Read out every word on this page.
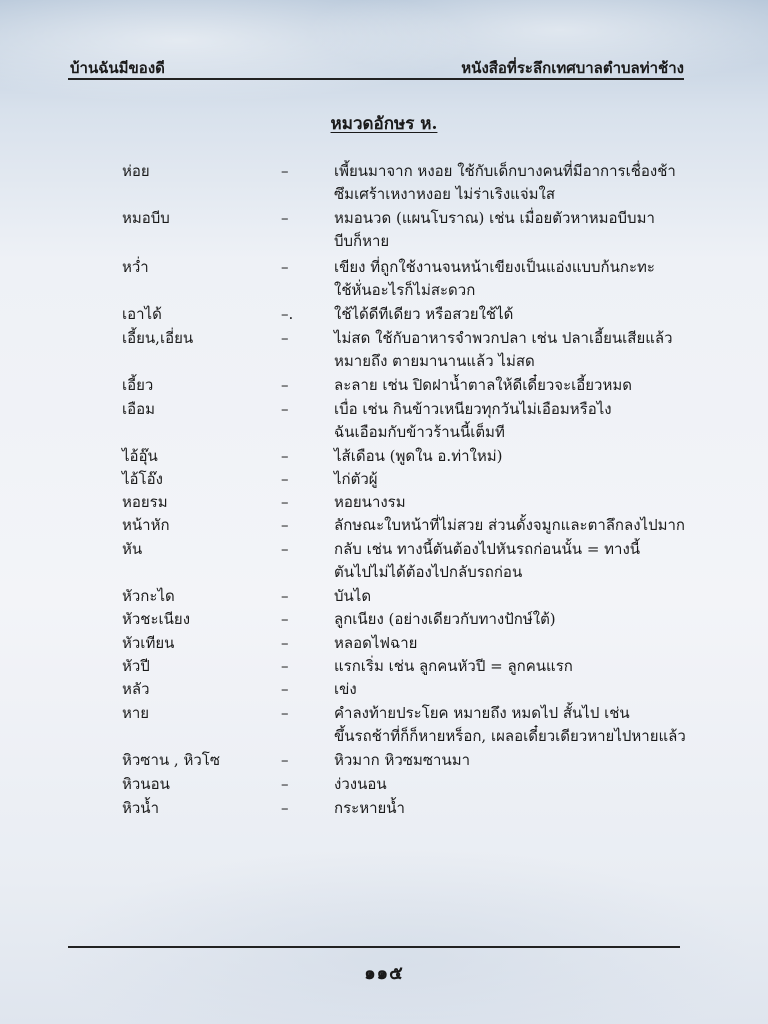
บ้านฉันมีของดี	หนังสือที่ระลึกเทศบาลตำบลท่าช้าง
หมวดอักษร ห.
ห่อย	–	เพี้ยนมาจาก หงอย ใช้กับเด็กบางคนที่มีอาการเชื่องช้า
ซึมเศร้าเหงาหงอย ไม่ร่าเริงแจ่มใส
หมอบีบ	–	หมอนวด (แผนโบราณ) เช่น เมื่อยตัวหาหมอบีบมา
บีบก็หาย
หว่ำ	–	เขียง ที่ถูกใช้งานจนหน้าเขียงเป็นแอ่งแบบก้นกะทะ
ใช้หั่นอะไรก็ไม่สะดวก
เอาได้	–.	ใช้ได้ดีทีเดียว หรือสวยใช้ได้
เอี้ยน,เอี่ยน	–	ไม่สด ใช้กับอาหารจำพวกปลา เช่น ปลาเอี้ยนเสียแล้ว
หมายถึง ตายมานานแล้ว ไม่สด
เอี้ยว	–	ละลาย เช่น ปิดฝาน้ำตาลให้ดีเดี๋ยวจะเอี้ยวหมด
เอือม	–	เบื่อ เช่น กินข้าวเหนียวทุกวันไม่เอือมหรือไง
ฉันเอือมกับข้าวร้านนี้เต็มที
ไอ้อุ๊น	–	ไส้เดือน (พูดใน อ.ท่าใหม่)
ไอ้โอ๊ง	–	ไก่ตัวผู้
หอยรม	–	หอยนางรม
หน้าหัก	–	ลักษณะใบหน้าที่ไม่สวย ส่วนดั้งจมูกและตาลึกลงไปมาก
หัน	–	กลับ เช่น ทางนี้ตันต้องไปหันรถก่อนนั้น = ทางนี้
ตันไปไม่ได้ต้องไปกลับรถก่อน
หัวกะได	–	บันได
หัวชะเนียง	–	ลูกเนียง (อย่างเดียวกับทางปักษ์ใต้)
หัวเทียน	–	หลอดไฟฉาย
หัวปี	–	แรกเริ่ม เช่น ลูกคนหัวปี = ลูกคนแรก
หลัว	–	เข่ง
หาย	–	คำลงท้ายประโยค หมายถึง หมดไป สั้นไป เช่น
ขึ้นรถช้าที่ก็ก็หายหร็อก, เผลอเดี๋ยวเดียวหายไปหายแล้ว
หิวซาน , หิวโซ	–	หิวมาก หิวซมซานมา
หิวนอน	–	ง่วงนอน
หิวน้ำ	–	กระหายน้ำ
๑๑๕
